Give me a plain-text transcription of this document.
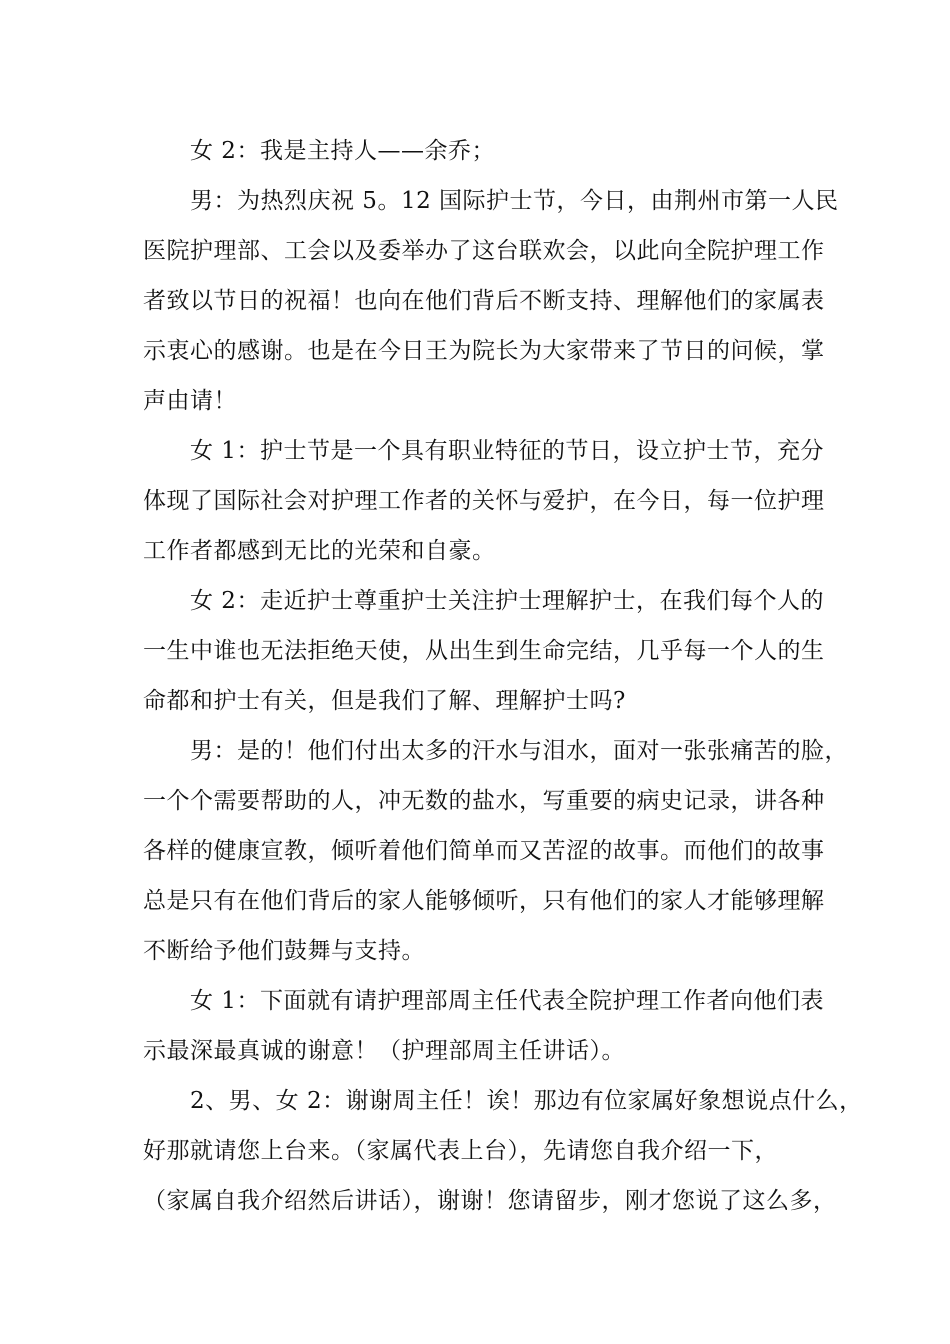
女 2：我是主持人——余乔；
男：为热烈庆祝 5。12 国际护士节，今日，由荆州市第一人民
医院护理部、工会以及委举办了这台联欢会，以此向全院护理工作
者致以节日的祝福！也向在他们背后不断支持、理解他们的家属表
示衷心的感谢。也是在今日王为院长为大家带来了节日的问候，掌
声由请！
女 1：护士节是一个具有职业特征的节日，设立护士节，充分
体现了国际社会对护理工作者的关怀与爱护，在今日，每一位护理
工作者都感到无比的光荣和自豪。
女 2：走近护士尊重护士关注护士理解护士，在我们每个人的
一生中谁也无法拒绝天使，从出生到生命完结，几乎每一个人的生
命都和护士有关，但是我们了解、理解护士吗?
男：是的！他们付出太多的汗水与泪水，面对一张张痛苦的脸，
一个个需要帮助的人，冲无数的盐水，写重要的病史记录，讲各种
各样的健康宣教，倾听着他们简单而又苦涩的故事。而他们的故事
总是只有在他们背后的家人能够倾听，只有他们的家人才能够理解
不断给予他们鼓舞与支持。
女 1：下面就有请护理部周主任代表全院护理工作者向他们表
示最深最真诚的谢意！（护理部周主任讲话）。
2、男、女 2：谢谢周主任！诶！那边有位家属好象想说点什么，
好那就请您上台来。（家属代表上台），先请您自我介绍一下，
（家属自我介绍然后讲话），谢谢！您请留步，刚才您说了这么多，
